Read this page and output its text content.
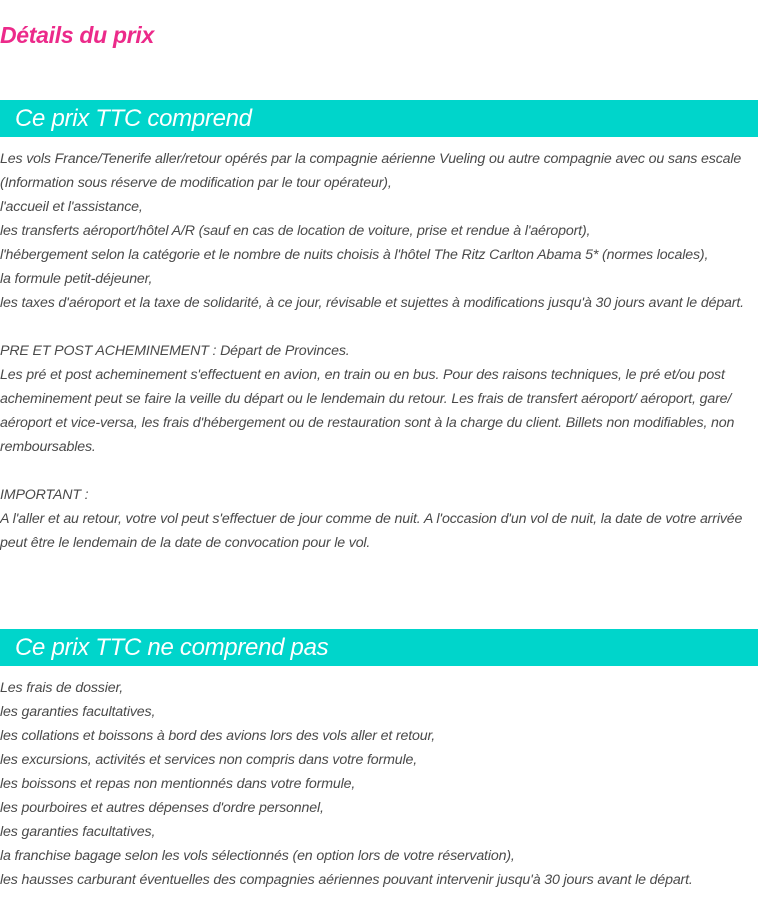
Détails du prix
Ce prix TTC comprend

Les vols France/Tenerife aller/retour opérés par la compagnie aérienne Vueling ou autre compagnie avec ou sans escale (Information sous réserve de modification par le tour opérateur),

l'accueil et l'assistance,

les transferts aéroport/hôtel A/R (sauf en cas de location de voiture, prise et rendue à l'aéroport),

l'hébergement selon la catégorie et le nombre de nuits choisis à l'hôtel The Ritz Carlton Abama 5* (normes locales),

la formule petit-déjeuner,

les taxes d'aéroport et la taxe de solidarité, à ce jour, révisable et sujettes à modifications jusqu'à 30 jours avant le départ.

PRE ET POST ACHEMINEMENT : Départ de Provinces.

Les pré et post acheminement s'effectuent en avion, en train ou en bus. Pour des raisons techniques, le pré et/ou post acheminement peut se faire la veille du départ ou le lendemain du retour. Les frais de transfert aéroport/ aéroport, gare/ aéroport et vice-versa, les frais d'hébergement ou de restauration sont à la charge du client. Billets non modifiables, non remboursables.

IMPORTANT :

A l'aller et au retour, votre vol peut s'effectuer de jour comme de nuit. A l'occasion d'un vol de nuit, la date de votre arrivée peut être le lendemain de la date de convocation pour le vol.

Ce prix TTC ne comprend pas

Les frais de dossier,

les garanties facultatives,

les collations et boissons à bord des avions lors des vols aller et retour,

les excursions, activités et services non compris dans votre formule,

les boissons et repas non mentionnés dans votre formule,

les pourboires et autres dépenses d'ordre personnel,

les garanties facultatives,

la franchise bagage selon les vols sélectionnés (en option lors de votre réservation),

les hausses carburant éventuelles des compagnies aériennes pouvant intervenir jusqu'à 30 jours avant le départ.
